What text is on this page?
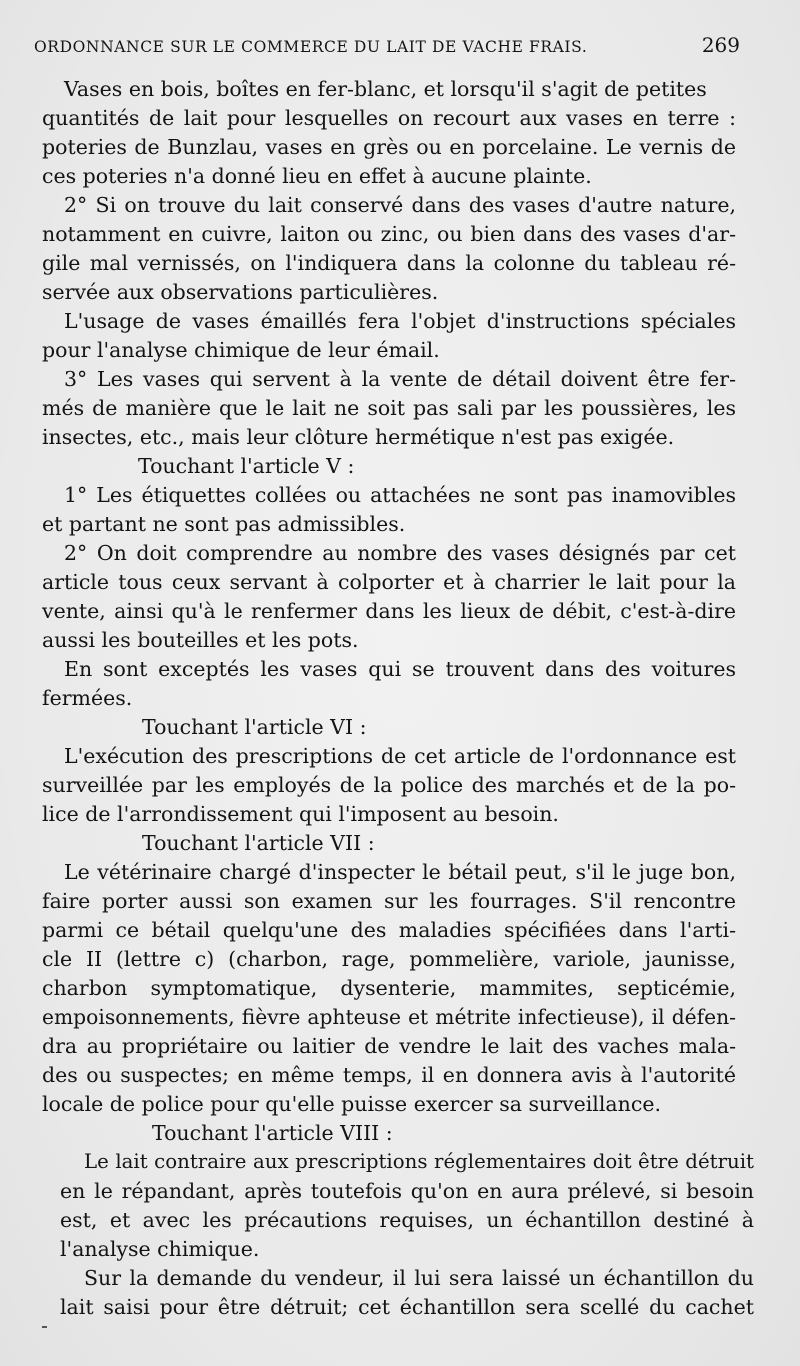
ORDONNANCE SUR LE COMMERCE DU LAIT DE VACHE FRAIS.	269
Vases en bois, boîtes en fer-blanc, et lorsqu'il s'agit de petites
quantités de lait pour lesquelles on recourt aux vases en terre :
poteries de Bunzlau, vases en grès ou en porcelaine. Le vernis de
ces poteries n'a donné lieu en effet à aucune plainte.
2° Si on trouve du lait conservé dans des vases d'autre nature,
notamment en cuivre, laiton ou zinc, ou bien dans des vases d'ar-
gile mal vernissés, on l'indiquera dans la colonne du tableau ré-
servée aux observations particulières.
L'usage de vases émaillés fera l'objet d'instructions spéciales
pour l'analyse chimique de leur émail.
3° Les vases qui servent à la vente de détail doivent être fer-
més de manière que le lait ne soit pas sali par les poussières, les
insectes, etc., mais leur clôture hermétique n'est pas exigée.
Touchant l'article V :
1° Les étiquettes collées ou attachées ne sont pas inamovibles
et partant ne sont pas admissibles.
2° On doit comprendre au nombre des vases désignés par cet
article tous ceux servant à colporter et à charrier le lait pour la
vente, ainsi qu'à le renfermer dans les lieux de débit, c'est-à-dire
aussi les bouteilles et les pots.
En sont exceptés les vases qui se trouvent dans des voitures
fermées.
Touchant l'article VI :
L'exécution des prescriptions de cet article de l'ordonnance est
surveillée par les employés de la police des marchés et de la po-
lice de l'arrondissement qui l'imposent au besoin.
Touchant l'article VII :
Le vétérinaire chargé d'inspecter le bétail peut, s'il le juge bon,
faire porter aussi son examen sur les fourrages. S'il rencontre
parmi ce bétail quelqu'une des maladies spécifiées dans l'arti-
cle II (lettre c) (charbon, rage, pommelière, variole, jaunisse,
charbon symptomatique, dysenterie, mammites, septicémie,
empoisonnements, fièvre aphteuse et métrite infectieuse), il défen-
dra au propriétaire ou laitier de vendre le lait des vaches mala-
des ou suspectes; en même temps, il en donnera avis à l'autorité
locale de police pour qu'elle puisse exercer sa surveillance.
Touchant l'article VIII :
Le lait contraire aux prescriptions réglementaires doit être détruit
en le répandant, après toutefois qu'on en aura prélevé, si besoin
est, et avec les précautions requises, un échantillon destiné à
l'analyse chimique.
Sur la demande du vendeur, il lui sera laissé un échantillon du
lait saisi pour être détruit; cet échantillon sera scellé du cachet
